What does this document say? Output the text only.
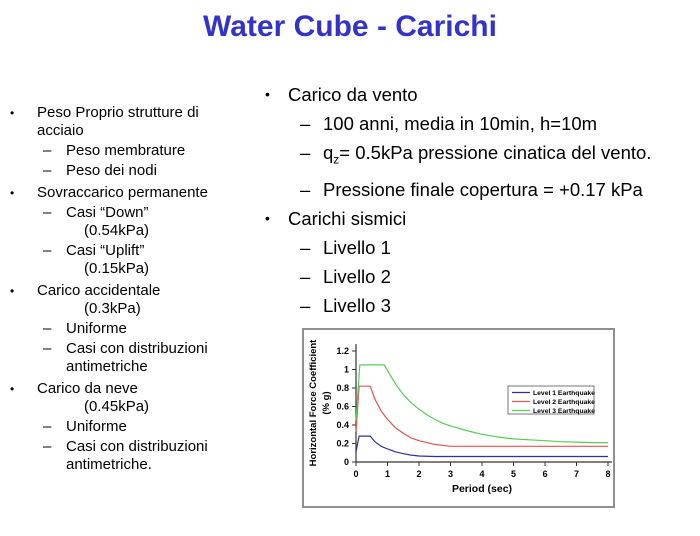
Water Cube - Carichi
• Peso Proprio strutture di acciaio
– Peso membrature
– Peso dei nodi
• Sovraccarico permanente
– Casi “Down”
(0.54kPa)
– Casi “Uplift”
(0.15kPa)
• Carico accidentale
(0.3kPa)
– Uniforme
– Casi con distribuzioni antimetriche
• Carico da neve
(0.45kPa)
– Uniforme
– Casi con distribuzioni antimetriche.
• Carico da vento
– 100 anni, media in 10min, h=10m
– $q_z= 0.5kPa$ pressione cinatica del vento.
– Pressione finale copertura = +0.17 kPa
• Carichi sismici
– Livello 1
– Livello 2
– Livello 3
0
0.2
0.4
0.6
0.8
1
1.2
0	1	2	3	4	5	6	7	8
Period (sec)
Horizontal Force Coefficient (% g)	Level 1 Earthquake
Level 2 Earthquake
Level 3 Earthquake
